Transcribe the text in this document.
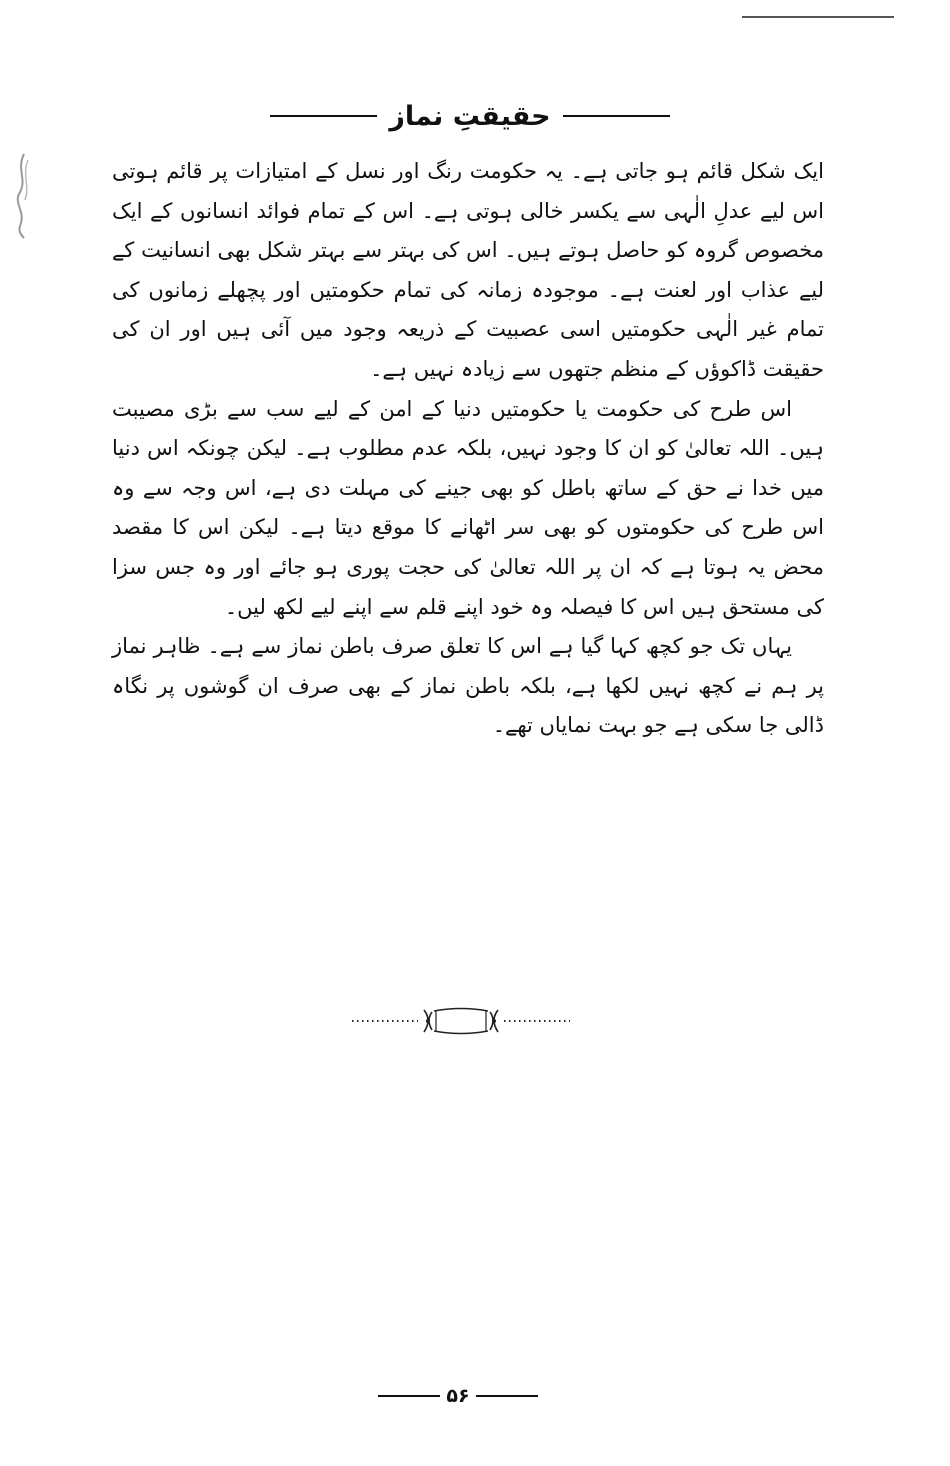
حقیقتِ نماز

ایک شکل قائم ہو جاتی ہے۔ یہ حکومت رنگ اور نسل کے امتیازات پر قائم ہوتی اس لیے عدلِ الٰہی سے یکسر خالی ہوتی ہے۔ اس کے تمام فوائد انسانوں کے ایک مخصوص گروہ کو حاصل ہوتے ہیں۔ اس کی بہتر سے بہتر شکل بھی انسانیت کے لیے عذاب اور لعنت ہے۔ موجودہ زمانہ کی تمام حکومتیں اور پچھلے زمانوں کی تمام غیر الٰہی حکومتیں اسی عصبیت کے ذریعہ وجود میں آئی ہیں اور ان کی حقیقت ڈاکوؤں کے منظم جتھوں سے زیادہ نہیں ہے۔

اس طرح کی حکومت یا حکومتیں دنیا کے امن کے لیے سب سے بڑی مصیبت ہیں۔ اللہ تعالیٰ کو ان کا وجود نہیں، بلکہ عدم مطلوب ہے۔ لیکن چونکہ اس دنیا میں خدا نے حق کے ساتھ باطل کو بھی جینے کی مہلت دی ہے، اس وجہ سے وہ اس طرح کی حکومتوں کو بھی سر اٹھانے کا موقع دیتا ہے۔ لیکن اس کا مقصد محض یہ ہوتا ہے کہ ان پر اللہ تعالیٰ کی حجت پوری ہو جائے اور وہ جس سزا کی مستحق ہیں اس کا فیصلہ وہ خود اپنے قلم سے اپنے لیے لکھ لیں۔

یہاں تک جو کچھ کہا گیا ہے اس کا تعلق صرف باطن نماز سے ہے۔ ظاہر نماز پر ہم نے کچھ نہیں لکھا ہے، بلکہ باطن نماز کے بھی صرف ان گوشوں پر نگاہ ڈالی جا سکی ہے جو بہت نمایاں تھے۔

۵۶
